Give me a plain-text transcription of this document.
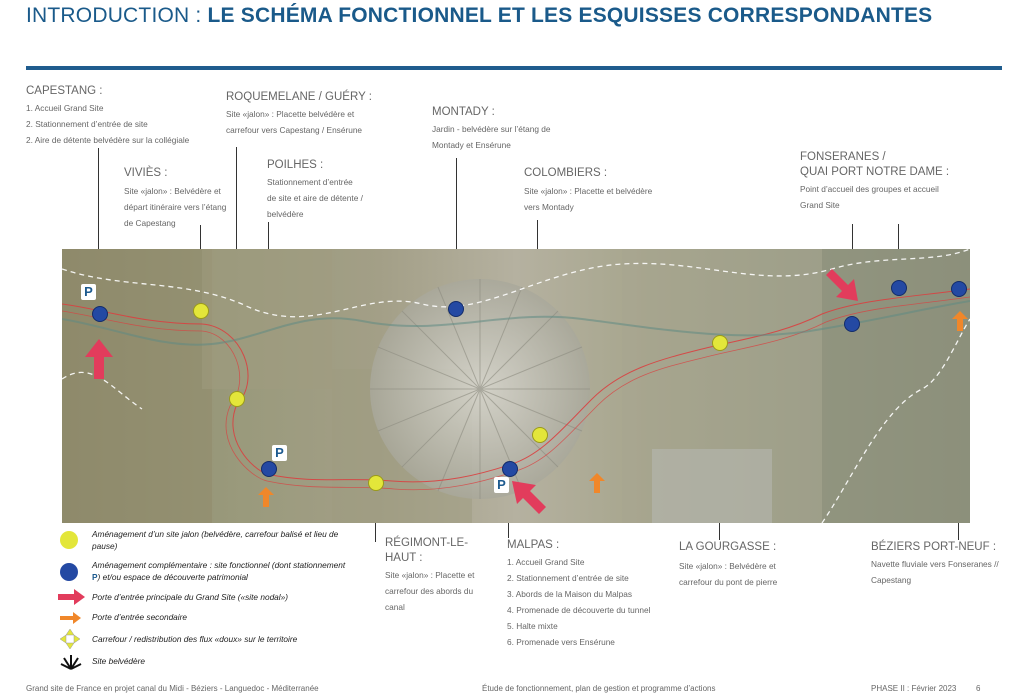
INTRODUCTION : LE SCHÉMA FONCTIONNEL ET LES ESQUISSES CORRESPONDANTES
CAPESTANG :
1. Accueil Grand Site
2. Stationnement d’entrée de site
2. Aire de détente belvédère sur la collégiale
ROQUEMELANE / GUÉRY :
Site «jalon» : Placette belvédère et
carrefour vers Capestang / Ensérune
MONTADY :
Jardin - belvédère sur l’étang de
Montady et Ensérune
VIVIÈS :
Site «jalon» : Belvédère et
départ itinéraire vers l’étang
de Capestang
POILHES :
Stationnement d’entrée
de site et aire de détente /
belvédère
COLOMBIERS :
Site «jalon» : Placette et belvédère
vers Montady
FONSERANES /
QUAI PORT NOTRE DAME :
Point d’accueil des groupes et accueil
Grand Site
RÉGIMONT-LE-
HAUT :
Site «jalon» : Placette et
carrefour des abords du
canal
MALPAS :
1. Accueil Grand Site
2. Stationnement d’entrée de site
3. Abords de la Maison du Malpas
4. Promenade de découverte du tunnel
5. Halte mixte
6. Promenade vers Ensérune
LA GOURGASSE :
Site «jalon» : Belvédère et
carrefour du pont de pierre
BÉZIERS PORT-NEUF :
Navette fluviale vers Fonseranes //
Capestang
P
P
P
Aménagement d’un site jalon (belvédère, carrefour balisé et lieu de
pause)
Aménagement complémentaire : site fonctionnel (dont stationnement
P) et/ou espace de découverte patrimonial
Porte d’entrée principale du Grand Site («site nodal»)
Porte d’entrée secondaire
Carrefour / redistribution des flux «doux» sur le territoire
Site belvédère
Grand site de France en projet canal du Midi - Béziers - Languedoc - Méditerranée	Étude de fonctionnement, plan de gestion et programme d’actions	PHASE II : Février 2023 6
